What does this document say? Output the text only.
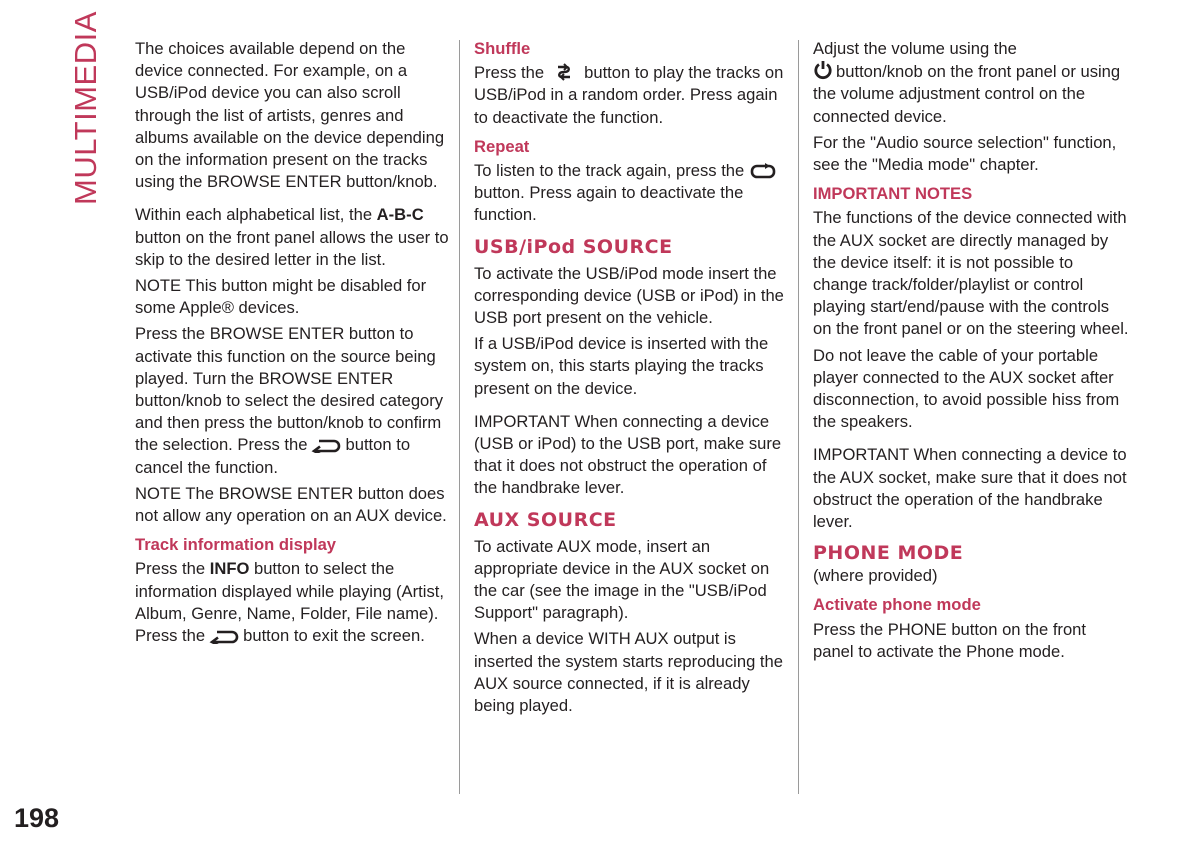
MULTIMEDIA
198

The choices available depend on the device connected. For example, on a USB/iPod device you can also scroll through the list of artists, genres and albums available on the device depending on the information present on the tracks using the BROWSE ENTER button/knob.

Within each alphabetical list, the A-B-C button on the front panel allows the user to skip to the desired letter in the list.

NOTE This button might be disabled for some Apple® devices.

Press the BROWSE ENTER button to activate this function on the source being played. Turn the BROWSE ENTER button/knob to select the desired category and then press the button/knob to confirm the selection. Press the button to cancel the function.

NOTE The BROWSE ENTER button does not allow any operation on an AUX device.

Track information display

Press the INFO button to select the information displayed while playing (Artist, Album, Genre, Name, Folder, File name). Press the button to exit the screen.

Shuffle

Press the button to play the tracks on USB/iPod in a random order. Press again to deactivate the function.

Repeat

To listen to the track again, press the
button. Press again to deactivate the function.

USB/iPod SOURCE

To activate the USB/iPod mode insert the corresponding device (USB or iPod) in the USB port present on the vehicle.

If a USB/iPod device is inserted with the system on, this starts playing the tracks present on the device.

IMPORTANT When connecting a device (USB or iPod) to the USB port, make sure that it does not obstruct the operation of the handbrake lever.

AUX SOURCE

To activate AUX mode, insert an appropriate device in the AUX socket on the car (see the image in the "USB/iPod Support" paragraph).

When a device WITH AUX output is inserted the system starts reproducing the AUX source connected, if it is already being played.

Adjust the volume using the

button/knob on the front panel or using the volume adjustment control on the connected device.

For the "Audio source selection" function, see the "Media mode" chapter.

IMPORTANT NOTES

The functions of the device connected with the AUX socket are directly managed by the device itself: it is not possible to change track/folder/playlist or control playing start/end/pause with the controls on the front panel or on the steering wheel.

Do not leave the cable of your portable player connected to the AUX socket after disconnection, to avoid possible hiss from the speakers.

IMPORTANT When connecting a device to the AUX socket, make sure that it does not obstruct the operation of the handbrake lever.

PHONE MODE

(where provided)

Activate phone mode

Press the PHONE button on the front panel to activate the Phone mode.
